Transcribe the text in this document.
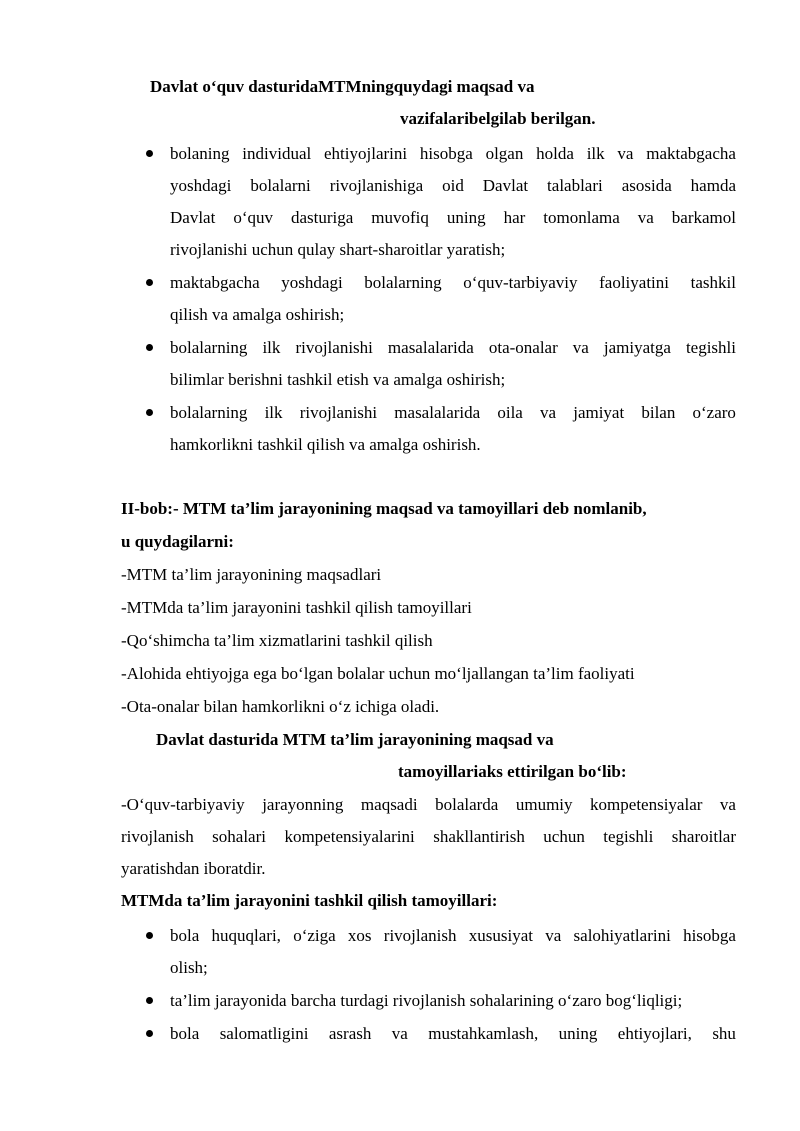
Davlat o‘quv dasturidaMTMningquydagi maqsad va
vazifalaribelgilab berilgan.
bolaning individual ehtiyojlarini hisobga olgan holda ilk va maktabgacha
yoshdagi bolalarni rivojlanishiga oid Davlat talablari asosida hamda
Davlat o‘quv dasturiga muvofiq uning har tomonlama va barkamol
rivojlanishi uchun qulay shart-sharoitlar yaratish;
maktabgacha yoshdagi bolalarning o‘quv-tarbiyaviy faoliyatini tashkil
qilish va amalga oshirish;
bolalarning ilk rivojlanishi masalalarida ota-onalar va jamiyatga tegishli
bilimlar berishni tashkil etish va amalga oshirish;
bolalarning ilk rivojlanishi masalalarida oila va jamiyat bilan o‘zaro
hamkorlikni tashkil qilish va amalga oshirish.
II-bob:- MTM ta’lim jarayonining maqsad va tamoyillari deb nomlanib,
u quydagilarni:
-MTM ta’lim jarayonining maqsadlari
-MTMda ta’lim jarayonini tashkil qilish tamoyillari
-Qo‘shimcha ta’lim xizmatlarini tashkil qilish
-Alohida ehtiyojga ega bo‘lgan bolalar uchun mo‘ljallangan ta’lim faoliyati
-Ota-onalar bilan hamkorlikni o‘z ichiga oladi.
Davlat dasturida MTM ta’lim jarayonining maqsad va
tamoyillariaks ettirilgan bo‘lib:
-O‘quv-tarbiyaviy jarayonning maqsadi bolalarda umumiy kompetensiyalar va
rivojlanish sohalari kompetensiyalarini shakllantirish uchun tegishli sharoitlar
yaratishdan iboratdir.
MTMda ta’lim jarayonini tashkil qilish tamoyillari:
bola huquqlari, o‘ziga xos rivojlanish xususiyat va salohiyatlarini hisobga
olish;
ta’lim jarayonida barcha turdagi rivojlanish sohalarining o‘zaro bog‘liqligi;
bola salomatligini asrash va mustahkamlash, uning ehtiyojlari, shu
